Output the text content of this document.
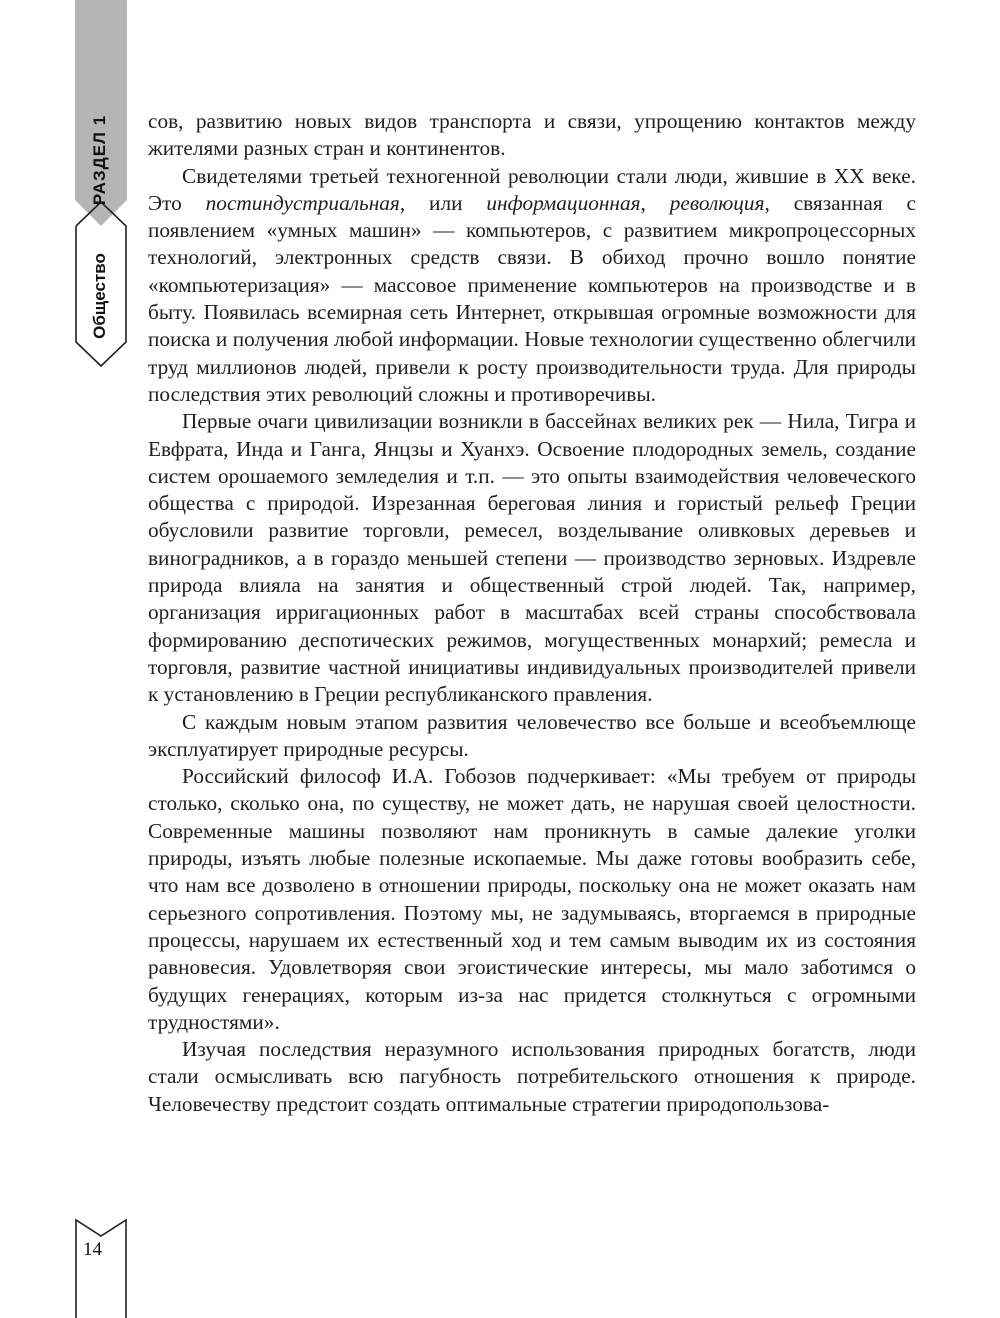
РАЗДЕЛ 1
Общество
14

сов, развитию новых видов транспорта и связи, упрощению контактов между жителями разных стран и континентов.

Свидетелями третьей техногенной революции стали люди, жившие в XX веке. Это постиндустриальная, или информационная, революция, связанная с появлением «умных машин» — компьютеров, с развитием микропроцессорных технологий, электронных средств связи. В обиход прочно вошло понятие «компьютеризация» — массовое применение компьютеров на производстве и в быту. Появилась всемирная сеть Интернет, открывшая огромные возможности для поиска и получения любой информации. Новые технологии существенно облегчили труд миллионов людей, привели к росту производительности труда. Для природы последствия этих революций сложны и противоречивы.

Первые очаги цивилизации возникли в бассейнах великих рек — Нила, Тигра и Евфрата, Инда и Ганга, Янцзы и Хуанхэ. Освоение плодородных земель, создание систем орошаемого земледелия и т.п. — это опыты взаимодействия человеческого общества с природой. Изрезанная береговая линия и гористый рельеф Греции обусловили развитие торговли, ремесел, возделывание оливковых деревьев и виноградников, а в гораздо меньшей степени — производство зерновых. Издревле природа влияла на занятия и общественный строй людей. Так, например, организация ирригационных работ в масштабах всей страны способствовала формированию деспотических режимов, могущественных монархий; ремесла и торговля, развитие частной инициативы индивидуальных производителей привели к установлению в Греции республиканского правления.

С каждым новым этапом развития человечество все больше и всеобъемлюще эксплуатирует природные ресурсы.

Российский философ И.А. Гобозов подчеркивает: «Мы требуем от природы столько, сколько она, по существу, не может дать, не нарушая своей целостности. Современные машины позволяют нам проникнуть в самые далекие уголки природы, изъять любые полезные ископаемые. Мы даже готовы вообразить себе, что нам все дозволено в отношении природы, поскольку она не может оказать нам серьезного сопротивления. Поэтому мы, не задумываясь, вторгаемся в природные процессы, нарушаем их естественный ход и тем самым выводим их из состояния равновесия. Удовлетворяя свои эгоистические интересы, мы мало заботимся о будущих генерациях, которым из-за нас придется столкнуться с огромными трудностями».

Изучая последствия неразумного использования природных богатств, люди стали осмысливать всю пагубность потребительского отношения к природе. Человечеству предстоит создать оптимальные стратегии природопользова-
